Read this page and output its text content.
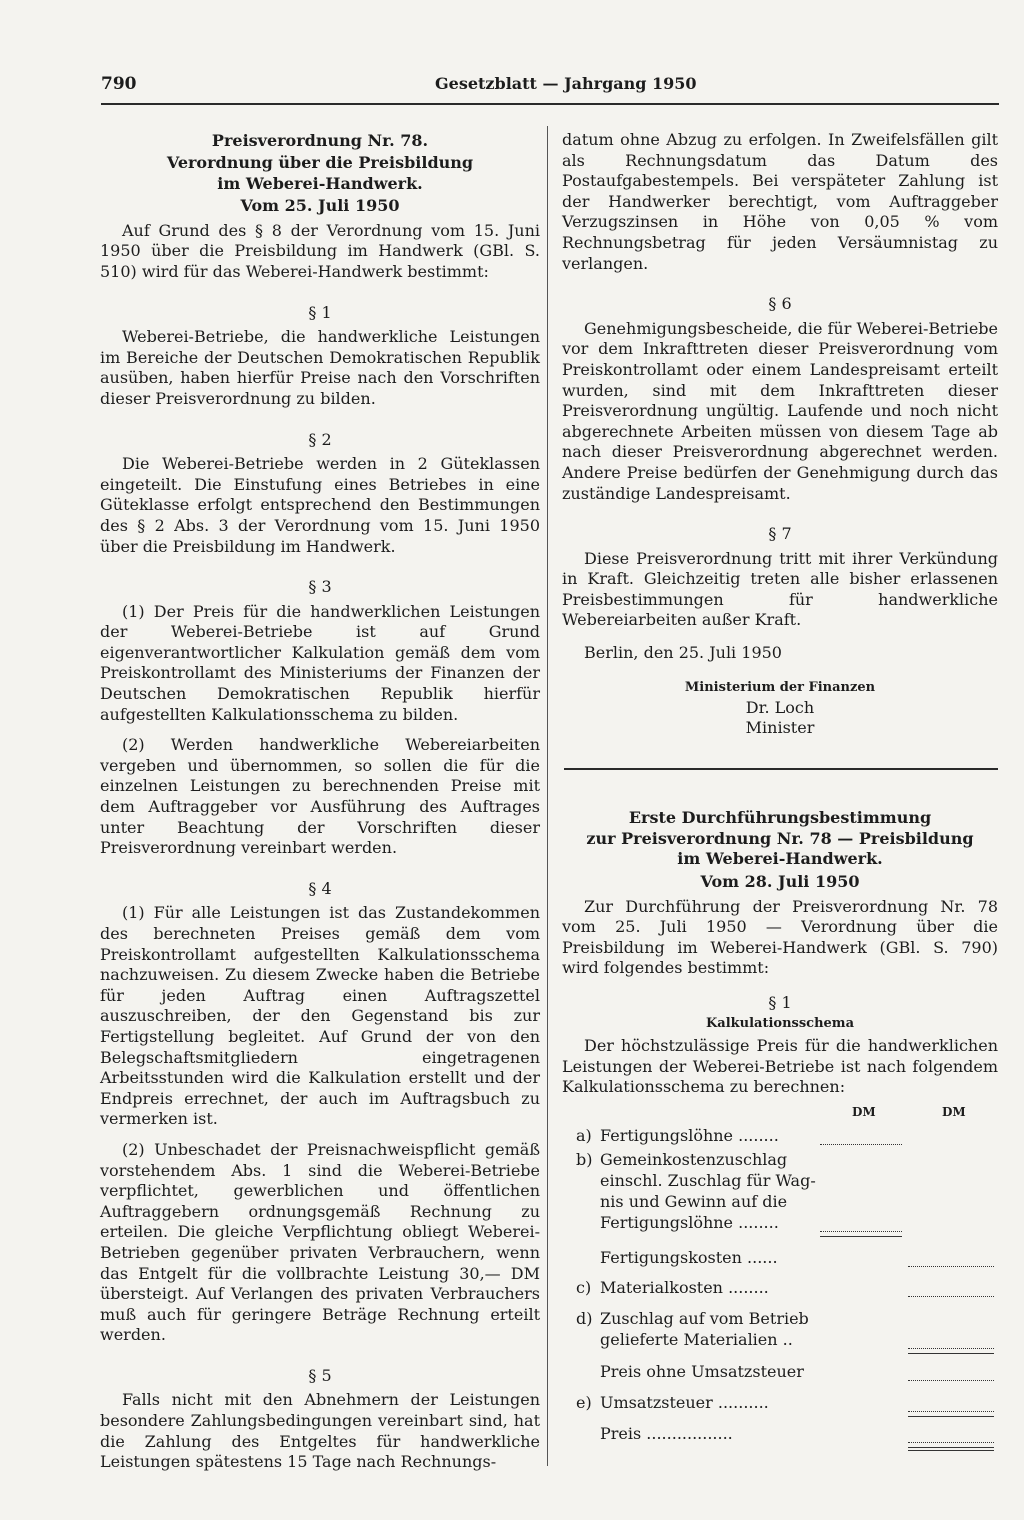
790	Gesetzblatt — Jahrgang 1950
Preisverordnung Nr. 78.
Verordnung über die Preisbildung
im Weberei-Handwerk.
Vom 25. Juli 1950

Auf Grund des § 8 der Verordnung vom 15. Juni 1950 über die Preisbildung im Handwerk (GBl. S. 510) wird für das Weberei-Handwerk bestimmt:

§ 1

Weberei-Betriebe, die handwerkliche Leistungen im Bereiche der Deutschen Demokratischen Republik ausüben, haben hierfür Preise nach den Vorschriften dieser Preisverordnung zu bilden.

§ 2

Die Weberei-Betriebe werden in 2 Güteklassen eingeteilt. Die Einstufung eines Betriebes in eine Güteklasse erfolgt entsprechend den Bestimmungen des § 2 Abs. 3 der Verordnung vom 15. Juni 1950 über die Preisbildung im Handwerk.

§ 3

(1) Der Preis für die handwerklichen Leistungen der Weberei-Betriebe ist auf Grund eigenverantwortlicher Kalkulation gemäß dem vom Preiskontrollamt des Ministeriums der Finanzen der Deutschen Demokratischen Republik hierfür aufgestellten Kalkulationsschema zu bilden.

(2) Werden handwerkliche Webereiarbeiten vergeben und übernommen, so sollen die für die einzelnen Leistungen zu berechnenden Preise mit dem Auftraggeber vor Ausführung des Auftrages unter Beachtung der Vorschriften dieser Preisverordnung vereinbart werden.

§ 4

(1) Für alle Leistungen ist das Zustandekommen des berechneten Preises gemäß dem vom Preiskontrollamt aufgestellten Kalkulationsschema nachzuweisen. Zu diesem Zwecke haben die Betriebe für jeden Auftrag einen Auftragszettel auszuschreiben, der den Gegenstand bis zur Fertigstellung begleitet. Auf Grund der von den Belegschaftsmitgliedern eingetragenen Arbeitsstunden wird die Kalkulation erstellt und der Endpreis errechnet, der auch im Auftragsbuch zu vermerken ist.

(2) Unbeschadet der Preisnachweispflicht gemäß vorstehendem Abs. 1 sind die Weberei-Betriebe verpflichtet, gewerblichen und öffentlichen Auftraggebern ordnungsgemäß Rechnung zu erteilen. Die gleiche Verpflichtung obliegt Weberei-Betrieben gegenüber privaten Verbrauchern, wenn das Entgelt für die vollbrachte Leistung 30,— DM übersteigt. Auf Verlangen des privaten Verbrauchers muß auch für geringere Beträge Rechnung erteilt werden.

§ 5

Falls nicht mit den Abnehmern der Leistungen besondere Zahlungsbedingungen vereinbart sind, hat die Zahlung des Entgeltes für handwerkliche Leistungen spätestens 15 Tage nach Rechnungs-

datum ohne Abzug zu erfolgen. In Zweifelsfällen gilt als Rechnungsdatum das Datum des Postaufgabestempels. Bei verspäteter Zahlung ist der Handwerker berechtigt, vom Auftraggeber Verzugszinsen in Höhe von 0,05 % vom Rechnungsbetrag für jeden Versäumnistag zu verlangen.

§ 6

Genehmigungsbescheide, die für Weberei-Betriebe vor dem Inkrafttreten dieser Preisverordnung vom Preiskontrollamt oder einem Landespreisamt erteilt wurden, sind mit dem Inkrafttreten dieser Preisverordnung ungültig. Laufende und noch nicht abgerechnete Arbeiten müssen von diesem Tage ab nach dieser Preisverordnung abgerechnet werden. Andere Preise bedürfen der Genehmigung durch das zuständige Landespreisamt.

§ 7

Diese Preisverordnung tritt mit ihrer Verkündung in Kraft. Gleichzeitig treten alle bisher erlassenen Preisbestimmungen für handwerkliche Webereiarbeiten außer Kraft.

Berlin, den 25. Juli 1950

Ministerium der Finanzen
Dr. Loch
Minister
Erste Durchführungsbestimmung
zur Preisverordnung Nr. 78 — Preisbildung
im Weberei-Handwerk.
Vom 28. Juli 1950

Zur Durchführung der Preisverordnung Nr. 78 vom 25. Juli 1950 — Verordnung über die Preisbildung im Weberei-Handwerk (GBl. S. 790) wird folgendes bestimmt:

§ 1
Kalkulationsschema

Der höchstzulässige Preis für die handwerklichen Leistungen der Weberei-Betriebe ist nach folgendem Kalkulationsschema zu berechnen:

DM	DM
a) Fertigungslöhne ........
b) Gemeinkostenzuschlag
einschl. Zuschlag für Wag-
nis und Gewinn auf die
Fertigungslöhne ........
Fertigungskosten ......
c) Materialkosten ........
d) Zuschlag auf vom Betrieb
gelieferte Materialien ..
Preis ohne Umsatzsteuer
e) Umsatzsteuer ..........
Preis .................
